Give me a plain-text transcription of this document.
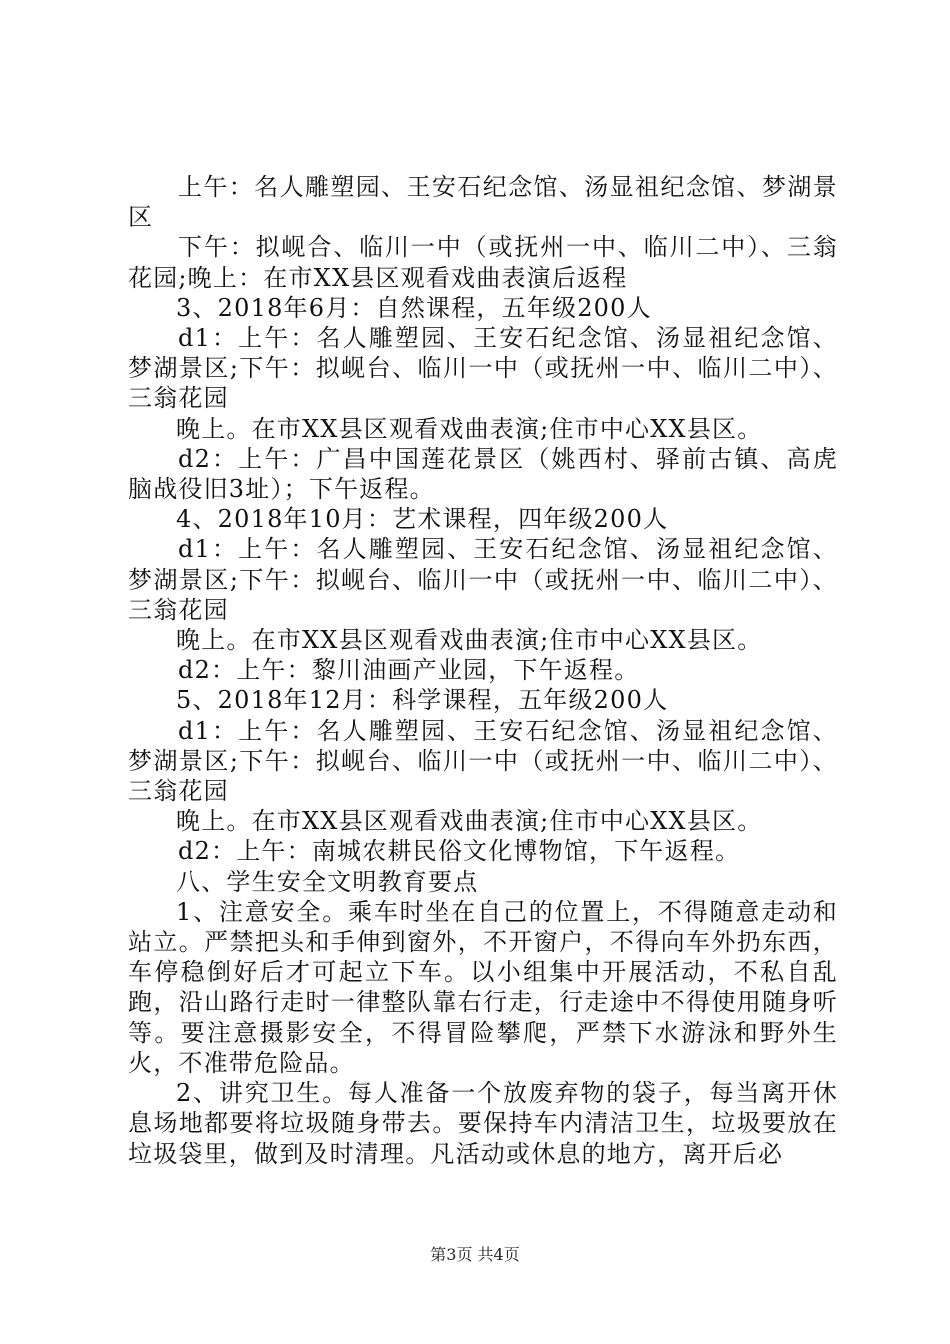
上午：名人雕塑园、王安石纪念馆、汤显祖纪念馆、梦湖景区

下午：拟岘合、临川一中（或抚州一中、临川二中）、三翁花园;晚上：在市XX县区观看戏曲表演后返程

3、2018年6月：自然课程，五年级200人

d1：上午：名人雕塑园、王安石纪念馆、汤显祖纪念馆、梦湖景区;下午：拟岘台、临川一中（或抚州一中、临川二中）、三翁花园

晚上。在市XX县区观看戏曲表演;住市中心XX县区。

d2：上午：广昌中国莲花景区（姚西村、驿前古镇、高虎脑战役旧3址）；下午返程。

4、2018年10月：艺术课程，四年级200人

d1：上午：名人雕塑园、王安石纪念馆、汤显祖纪念馆、梦湖景区;下午：拟岘台、临川一中（或抚州一中、临川二中）、三翁花园

晚上。在市XX县区观看戏曲表演;住市中心XX县区。

d2：上午：黎川油画产业园，下午返程。

5、2018年12月：科学课程，五年级200人

d1：上午：名人雕塑园、王安石纪念馆、汤显祖纪念馆、梦湖景区;下午：拟岘台、临川一中（或抚州一中、临川二中）、三翁花园

晚上。在市XX县区观看戏曲表演;住市中心XX县区。

d2：上午：南城农耕民俗文化博物馆，下午返程。

八、学生安全文明教育要点

1、注意安全。乘车时坐在自己的位置上，不得随意走动和站立。严禁把头和手伸到窗外，不开窗户，不得向车外扔东西，车停稳倒好后才可起立下车。以小组集中开展活动，不私自乱跑，沿山路行走时一律整队靠右行走，行走途中不得使用随身听等。要注意摄影安全，不得冒险攀爬，严禁下水游泳和野外生火，不准带危险品。

2、讲究卫生。每人准备一个放废弃物的袋子，每当离开休息场地都要将垃圾随身带去。要保持车内清洁卫生，垃圾要放在垃圾袋里，做到及时清理。凡活动或休息的地方，离开后必

第3页 共4页
